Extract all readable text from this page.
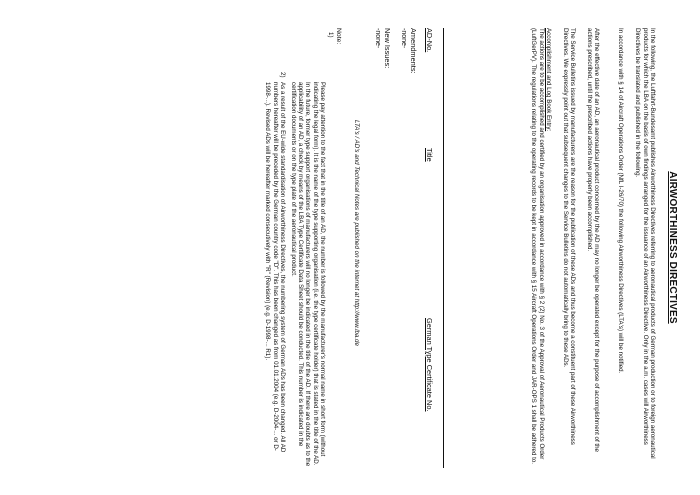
AIRWORTHINESS DIRECTIVES
In the following, the Luftfahrt-Bundesamt publishes Airworthiness Directives referring to aeronautical products of German production or to foreign aeronautical products for which the LBA on the basis of own findings arranged for the issuance of an Airworthiness Directive. Only in the a.m. cases will Airworthiness Directives be translated and published in the following.
In accordance with § 14 of Aircraft Operations Order (NfL I-26/70) the following Airworthiness Directives (LTA's) will be notified.
After the effective date of an AD, an aeronautical product concerned by the AD may no longer be operated except for the purpose of accomplishment of the actions prescribed, until the prescribed actions have properly been accomplished.
The Service Bulletins issued by manufacturers are the reason for the publication of these ADs and thus become a constituent part of these Airworthiness Directives. We expressly point out that subsequent changes to the Service Bulletins do not automatically bring to these ADs.
Accomplishment and Log Book Entry:
The actions are to be accomplished and certified by an organisation approved in accordance with § 2 (2) No. 3 of the Approval of Aeronautical Products Order (LuftGerPV). The regulations relating to the operating records to be kept in accordance with § 15 Aircraft Operations Order and JAR-OPS 1 shall be adhered to.
AD-No.
Title
German Type Certificate No.
Amendments:
-none-
New Issues:
-none-
LTA's / AD's and Technical Notes are published on the internet at http://www.lba.de
Note:
1)
Please pay attention to the fact that in the title of an AD, the number is followed by the manufacturer's normal name in short form (without indicating the legal form). It is the name of the type supporting organisation (i.e. the type certificate holder) that is stated in the title of the AD. In the future, former type support organisations of manufacturers will no longer be indicated in the title of the AD. If there are doubts as to the applicability of an AD, a check by means of the LBA Type Certificate Data Sheet should be conducted. This number is indicated in the certification documents or on the type plate of the aeronautical product.
2)
As a result of the EU-wide standardisation of Airworthiness Directives, the numbering system of German ADs has been changed. All AD numbers hereafter will be preceded by the German country code "D". This has been changed as from 01.01.2004 (e.g. D-2004-... or D-1998-...). Revised ADs will be hereafter marked consecutively with "R" (Revision) (e.g. D-1998-... R1).
